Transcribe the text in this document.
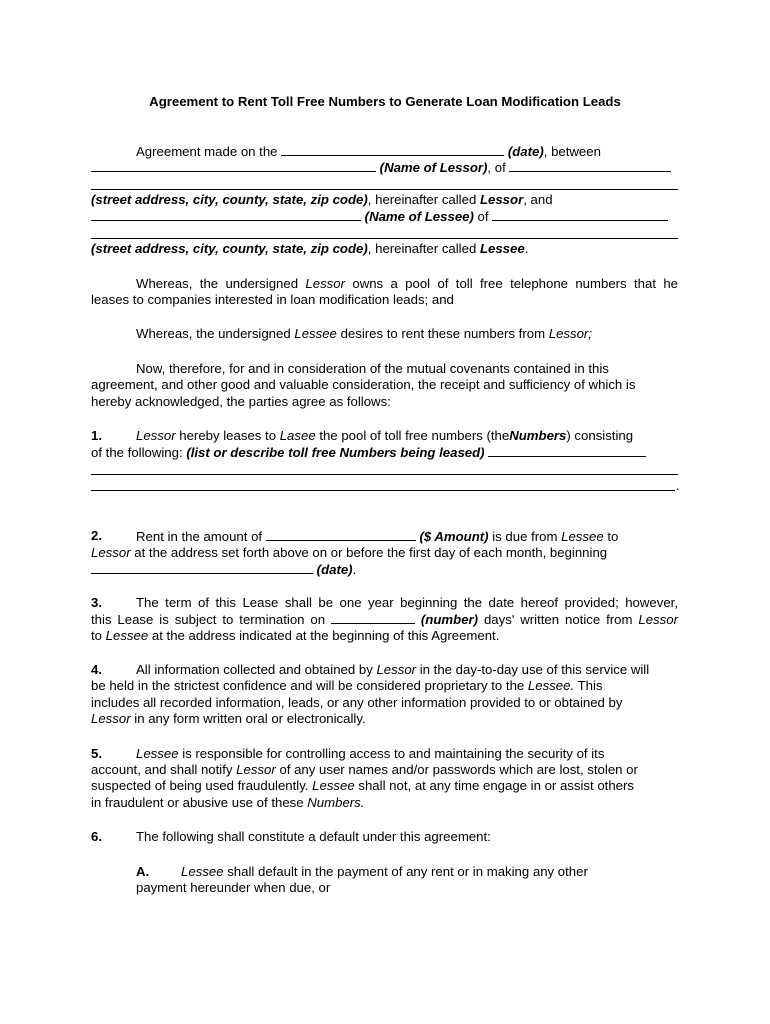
Agreement to Rent Toll Free Numbers to Generate Loan Modification Leads
Agreement made on the	(date), between
(Name of Lessor), of
(street address, city, county, state, zip code), hereinafter called Lessor, and
(Name of Lessee) of
(street address, city, county, state, zip code), hereinafter called Lessee.
Whereas, the undersigned Lessor owns a pool of toll free telephone numbers that he
leases to companies interested in loan modification leads; and
Whereas, the undersigned Lessee desires to rent these numbers from Lessor;
Now, therefore, for and in consideration of the mutual covenants contained in this
agreement, and other good and valuable consideration, the receipt and sufficiency of which is
hereby acknowledged, the parties agree as follows:
1.	Lessor hereby leases to Lasee the pool of toll free numbers (theNumbers) consisting
of the following: (list or describe toll free Numbers being leased)
.
2.	Rent in the amount of	($ Amount) is due from Lessee to
Lessor at the address set forth above on or before the first day of each month, beginning
(date).
3.	The term of this Lease shall be one year beginning the date hereof provided; however,
this Lease is subject to termination on	(number) days' written notice from Lessor
to Lessee at the address indicated at the beginning of this Agreement.
4.	All information collected and obtained by Lessor in the day-to-day use of this service will
be held in the strictest confidence and will be considered proprietary to the Lessee. This
includes all recorded information, leads, or any other information provided to or obtained by
Lessor in any form written oral or electronically.
5.	Lessee is responsible for controlling access to and maintaining the security of its
account, and shall notify Lessor of any user names and/or passwords which are lost, stolen or
suspected of being used fraudulently. Lessee shall not, at any time engage in or assist others
in fraudulent or abusive use of these Numbers.
6.	The following shall constitute a default under this agreement:
A. Lessee shall default in the payment of any rent or in making any other
payment hereunder when due, or
